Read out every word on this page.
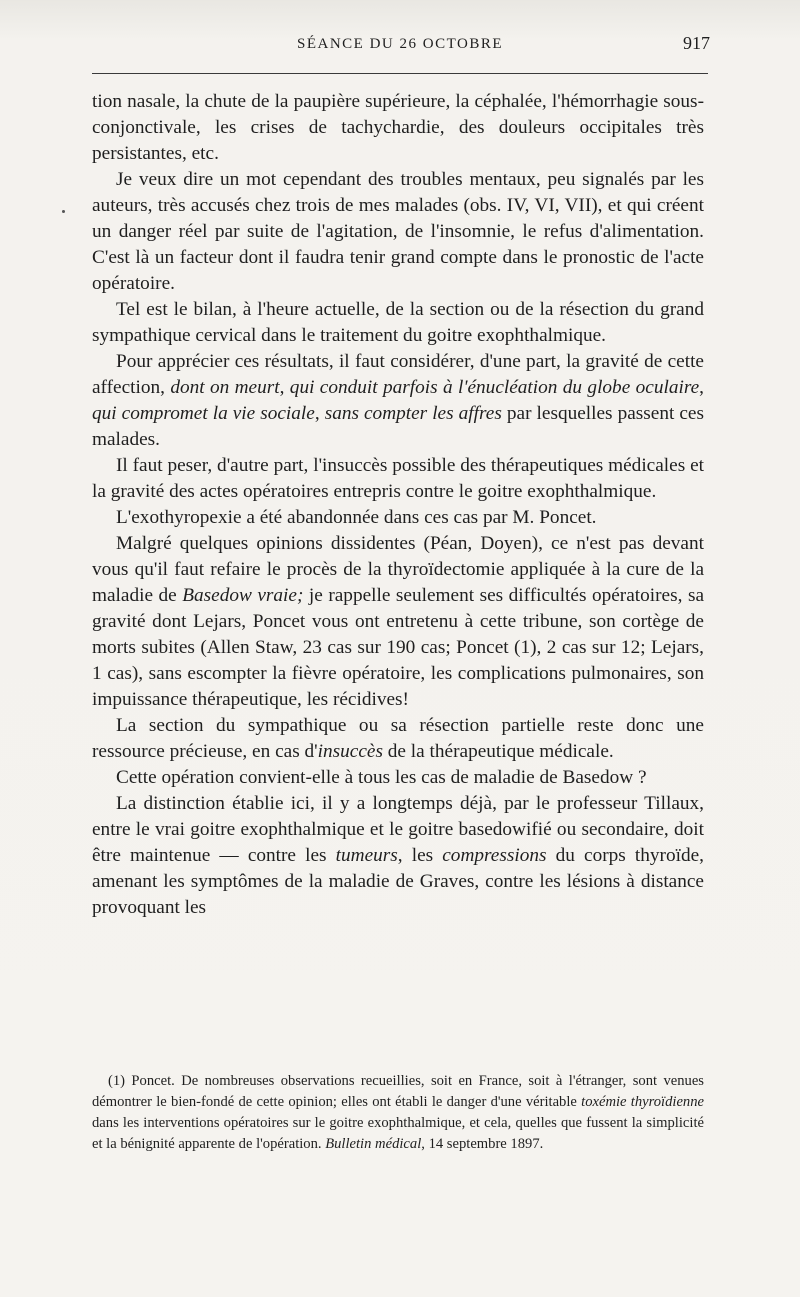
SÉANCE DU 26 OCTOBRE	917

tion nasale, la chute de la paupière supérieure, la céphalée, l'hémorrhagie sous-conjonctivale, les crises de tachychardie, des douleurs occipitales très persistantes, etc.

Je veux dire un mot cependant des troubles mentaux, peu signalés par les auteurs, très accusés chez trois de mes malades (obs. IV, VI, VII), et qui créent un danger réel par suite de l'agitation, de l'insomnie, le refus d'alimentation. C'est là un facteur dont il faudra tenir grand compte dans le pronostic de l'acte opératoire.

Tel est le bilan, à l'heure actuelle, de la section ou de la résection du grand sympathique cervical dans le traitement du goitre exophthalmique.

Pour apprécier ces résultats, il faut considérer, d'une part, la gravité de cette affection, dont on meurt, qui conduit parfois à l'énucléation du globe oculaire, qui compromet la vie sociale, sans compter les affres par lesquelles passent ces malades.

Il faut peser, d'autre part, l'insuccès possible des thérapeutiques médicales et la gravité des actes opératoires entrepris contre le goitre exophthalmique.

L'exothyropexie a été abandonnée dans ces cas par M. Poncet.

Malgré quelques opinions dissidentes (Péan, Doyen), ce n'est pas devant vous qu'il faut refaire le procès de la thyroïdectomie appliquée à la cure de la maladie de Basedow vraie; je rappelle seulement ses difficultés opératoires, sa gravité dont Lejars, Poncet vous ont entretenu à cette tribune, son cortège de morts subites (Allen Staw, 23 cas sur 190 cas; Poncet (1), 2 cas sur 12; Lejars, 1 cas), sans escompter la fièvre opératoire, les complications pulmonaires, son impuissance thérapeutique, les récidives!

La section du sympathique ou sa résection partielle reste donc une ressource précieuse, en cas d'insuccès de la thérapeutique médicale.

Cette opération convient-elle à tous les cas de maladie de Basedow ?

La distinction établie ici, il y a longtemps déjà, par le professeur Tillaux, entre le vrai goitre exophthalmique et le goitre basedowifié ou secondaire, doit être maintenue — contre les tumeurs, les compressions du corps thyroïde, amenant les symptômes de la maladie de Graves, contre les lésions à distance provoquant les

(1) Poncet. De nombreuses observations recueillies, soit en France, soit à l'étranger, sont venues démontrer le bien-fondé de cette opinion; elles ont établi le danger d'une véritable toxémie thyroïdienne dans les interventions opératoires sur le goitre exophthalmique, et cela, quelles que fussent la simplicité et la bénignité apparente de l'opération. Bulletin médical, 14 septembre 1897.
